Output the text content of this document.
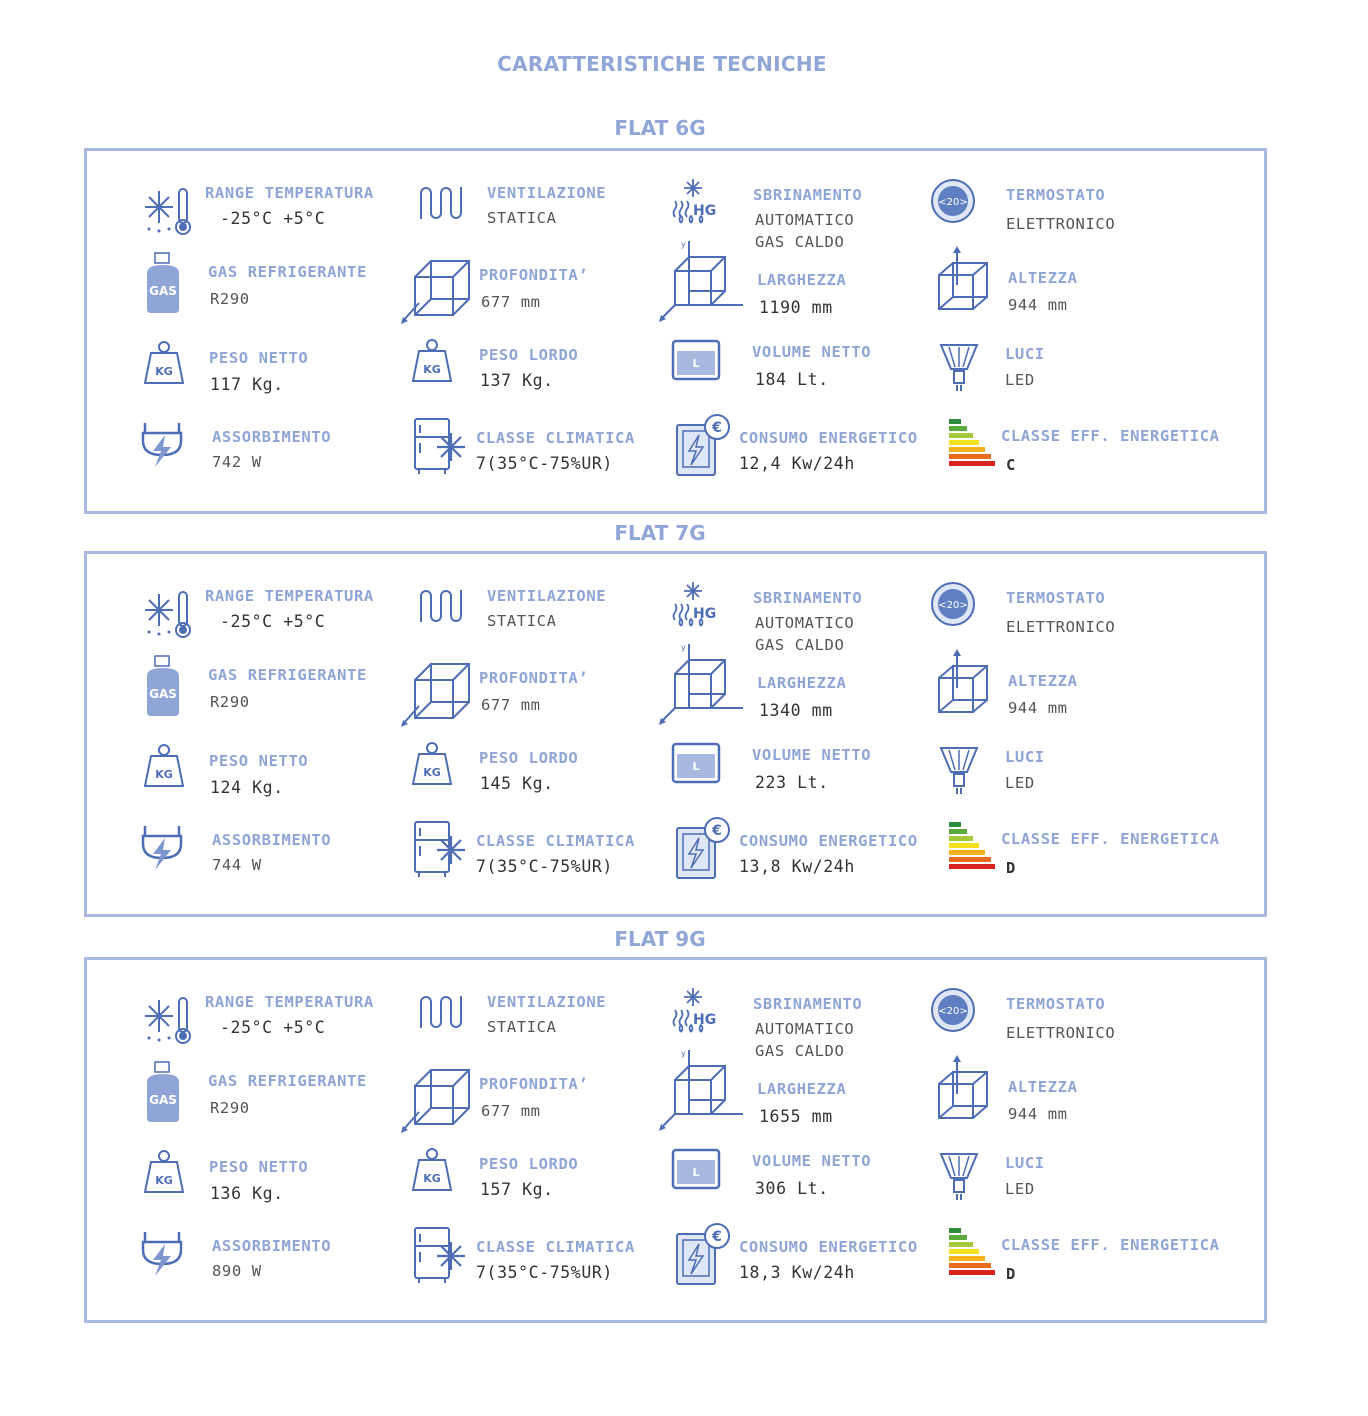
CARATTERISTICHE TECNICHE
FLAT 6G
RANGE TEMPERATURA
-25°C +5°C
VENTILAZIONE
STATICA	HG
SBRINAMENTO
AUTOMATICO
GAS CALDO
<20> TERMOSTATO
ELETTRONICO
GAS
GAS REFRIGERANTE
R290
PROFONDITA’
677 mm
y
LARGHEZZA
1190 mm
ALTEZZA
944 mm
KG
PESO NETTO
117 Kg.
KG
PESO LORDO
137 Kg.
L
VOLUME NETTO
184 Lt.
LUCI
LED
ASSORBIMENTO
742 W
CLASSE CLIMATICA
7(35°C-75%UR)
€
CONSUMO ENERGETICO
12,4 Kw/24h
CLASSE EFF. ENERGETICA
C
FLAT 7G
RANGE TEMPERATURA
-25°C +5°C
VENTILAZIONE
STATICA	HG
SBRINAMENTO
AUTOMATICO
GAS CALDO
<20> TERMOSTATO
ELETTRONICO
GAS
GAS REFRIGERANTE
R290
PROFONDITA’
677 mm
y
LARGHEZZA
1340 mm
ALTEZZA
944 mm
KG
PESO NETTO
124 Kg.
KG
PESO LORDO
145 Kg.
L
VOLUME NETTO
223 Lt.
LUCI
LED
ASSORBIMENTO
744 W
CLASSE CLIMATICA
7(35°C-75%UR)
€
CONSUMO ENERGETICO
13,8 Kw/24h
CLASSE EFF. ENERGETICA
D
FLAT 9G
RANGE TEMPERATURA
-25°C +5°C
VENTILAZIONE
STATICA	HG
SBRINAMENTO
AUTOMATICO
GAS CALDO
<20> TERMOSTATO
ELETTRONICO
GAS
GAS REFRIGERANTE
R290
PROFONDITA’
677 mm
y
LARGHEZZA
1655 mm
ALTEZZA
944 mm
KG
PESO NETTO
136 Kg.
KG
PESO LORDO
157 Kg.
L
VOLUME NETTO
306 Lt.
LUCI
LED
ASSORBIMENTO
890 W
CLASSE CLIMATICA
7(35°C-75%UR)
€
CONSUMO ENERGETICO
18,3 Kw/24h
CLASSE EFF. ENERGETICA
D
